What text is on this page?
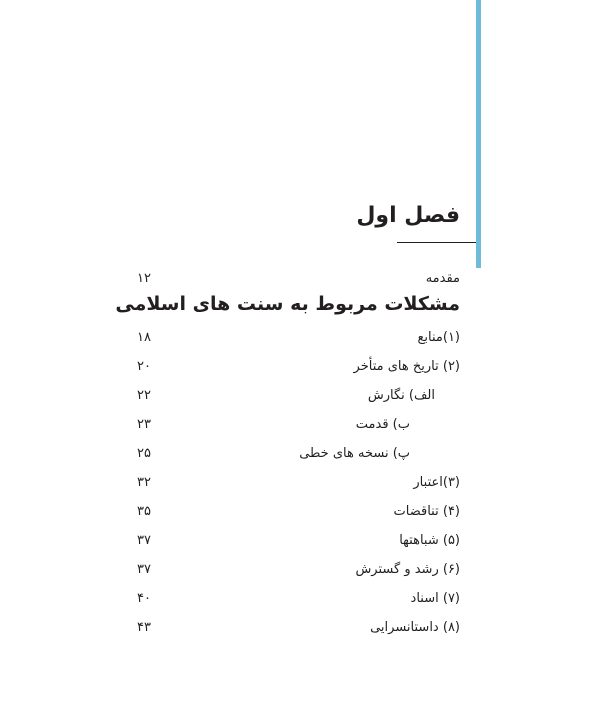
فصل اول
مقدمه
۱۲
مشکلات مربوط به سنت های اسلامی
(۱)منابع
۱۸
(۲) تاریخ های متأخر
۲۰
الف) نگارش
۲۲
ب) قدمت
۲۳
پ) نسخه های خطی
۲۵
(۳)اعتبار
۳۲
(۴) تناقضات
۳۵
(۵) شباهتها
۳۷
(۶) رشد و گسترش
۳۷
(۷) اسناد
۴۰
(۸) داستانسرایی
۴۳
